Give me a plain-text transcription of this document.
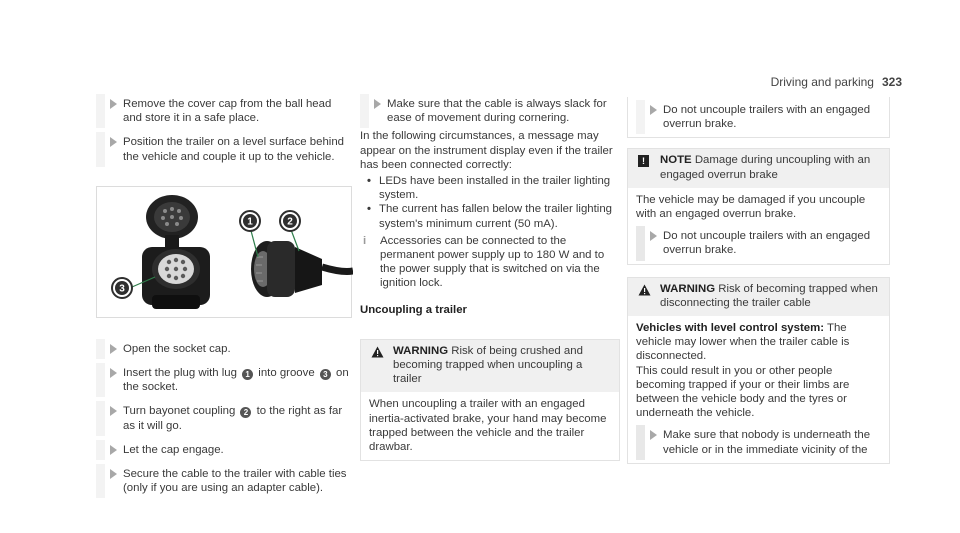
Driving and parking 323
Remove the cover cap from the ball head and store it in a safe place.
Position the trailer on a level surface behind the vehicle and couple it up to the vehicle.
1	2
3
Open the socket cap.
Insert the plug with lug 1 into groove 3 on the socket.
Turn bayonet coupling 2 to the right as far as it will go.
Let the cap engage.
Secure the cable to the trailer with cable ties (only if you are using an adapter cable).
Make sure that the cable is always slack for ease of movement during cornering.

In the following circumstances, a message may appear on the instrument display even if the trailer has been connected correctly:

• LEDs have been installed in the trailer lighting system.
• The current has fallen below the trailer lighting system's minimum current (50 mA).
i Accessories can be connected to the permanent power supply up to 180 W and to the power supply that is switched on via the ignition lock.
Uncoupling a trailer
WARNING Risk of being crushed and becoming trapped when uncoupling a trailer
When uncoupling a trailer with an engaged inertia-activated brake, your hand may become trapped between the vehicle and the trailer drawbar.
Do not uncouple trailers with an engaged overrun brake.
!	NOTE Damage during uncoupling with an engaged overrun brake
The vehicle may be damaged if you uncouple with an engaged overrun brake.
Do not uncouple trailers with an engaged overrun brake.
WARNING Risk of becoming trapped when disconnecting the trailer cable
Vehicles with level control system: The vehicle may lower when the trailer cable is disconnected.
This could result in you or other people becoming trapped if your or their limbs are between the vehicle body and the tyres or underneath the vehicle.
Make sure that nobody is underneath the vehicle or in the immediate vicinity of the
